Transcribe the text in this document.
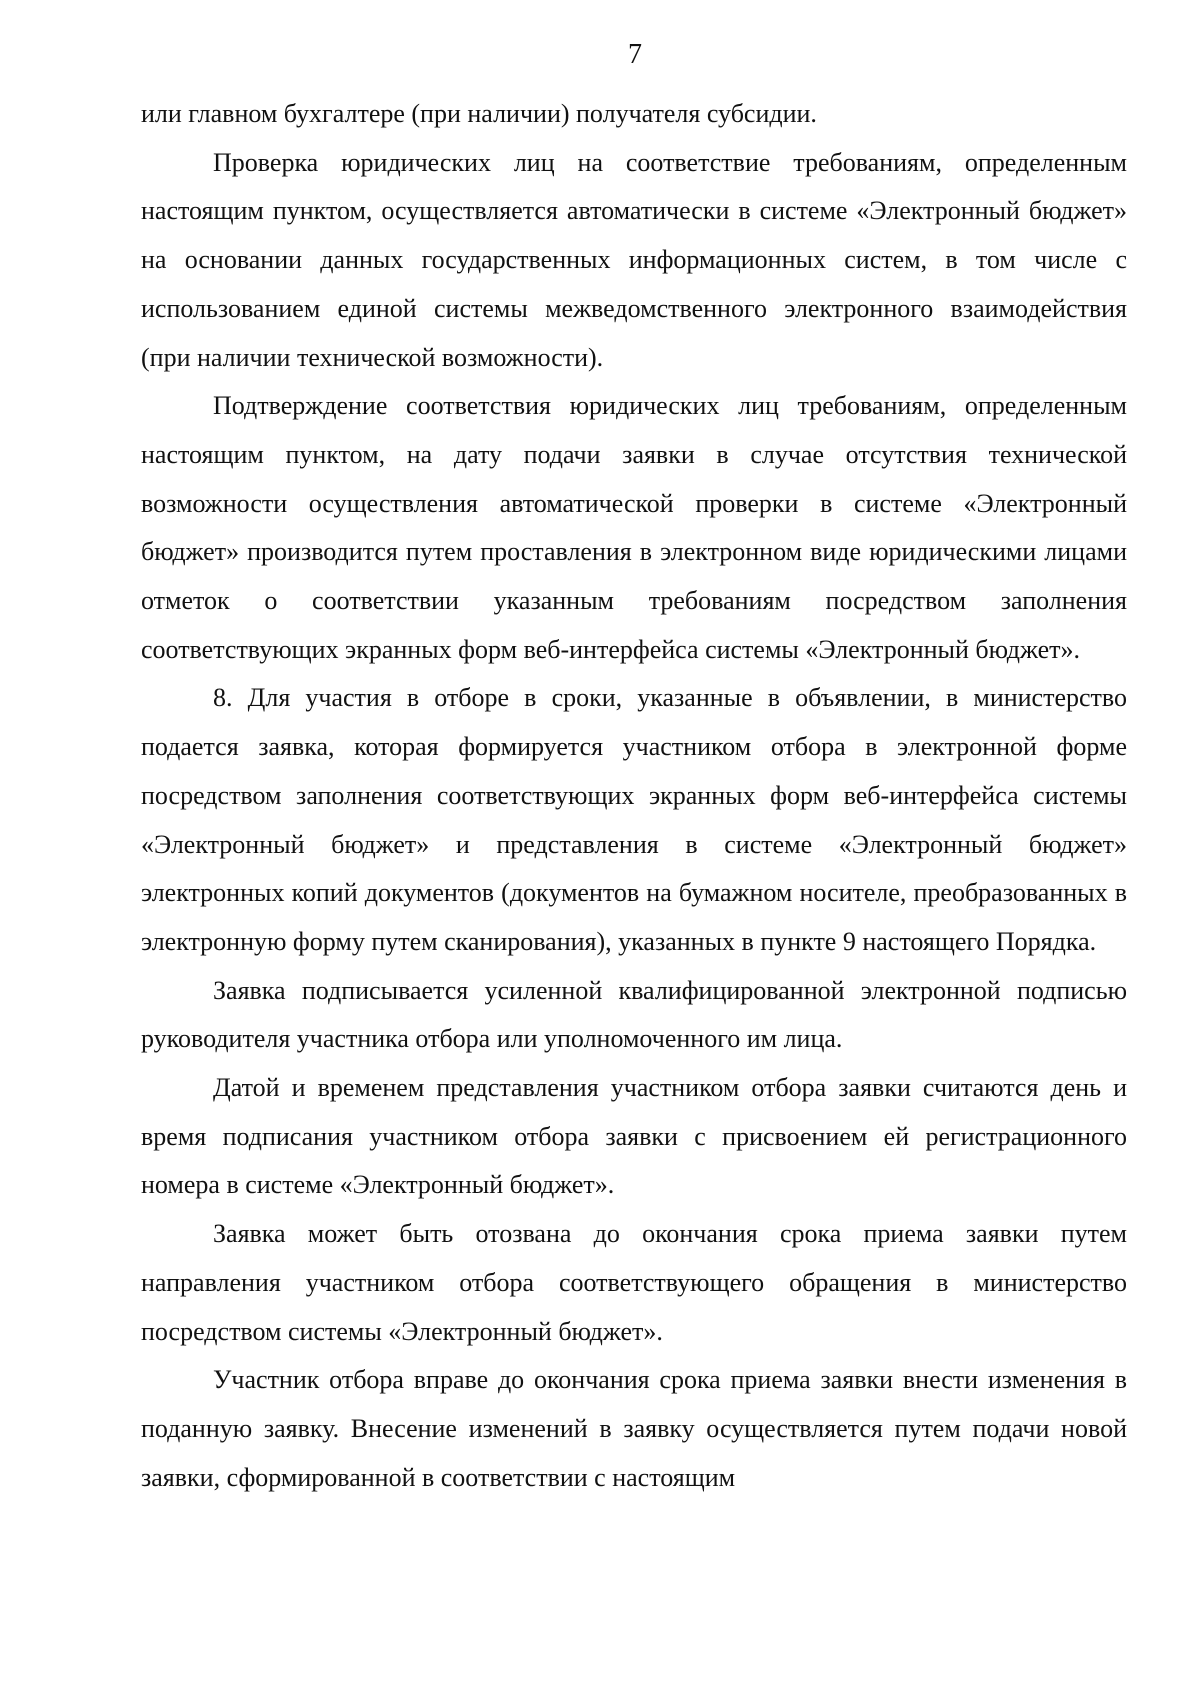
7

или главном бухгалтере (при наличии) получателя субсидии.

Проверка юридических лиц на соответствие требованиям, определенным настоящим пунктом, осуществляется автоматически в системе «Электронный бюджет» на основании данных государственных информационных систем, в том числе с использованием единой системы межведомственного электронного взаимодействия (при наличии технической возможности).

Подтверждение соответствия юридических лиц требованиям, определенным настоящим пунктом, на дату подачи заявки в случае отсутствия технической возможности осуществления автоматической проверки в системе «Электронный бюджет» производится путем проставления в электронном виде юридическими лицами отметок о соответствии указанным требованиям посредством заполнения соответствующих экранных форм веб-интерфейса системы «Электронный бюджет».

8. Для участия в отборе в сроки, указанные в объявлении, в министерство подается заявка, которая формируется участником отбора в электронной форме посредством заполнения соответствующих экранных форм веб-интерфейса системы «Электронный бюджет» и представления в системе «Электронный бюджет» электронных копий документов (документов на бумажном носителе, преобразованных в электронную форму путем сканирования), указанных в пункте 9 настоящего Порядка.

Заявка подписывается усиленной квалифицированной электронной подписью руководителя участника отбора или уполномоченного им лица.

Датой и временем представления участником отбора заявки считаются день и время подписания участником отбора заявки с присвоением ей регистрационного номера в системе «Электронный бюджет».

Заявка может быть отозвана до окончания срока приема заявки путем направления участником отбора соответствующего обращения в министерство посредством системы «Электронный бюджет».

Участник отбора вправе до окончания срока приема заявки внести изменения в поданную заявку. Внесение изменений в заявку осуществляется путем подачи новой заявки, сформированной в соответствии с настоящим
